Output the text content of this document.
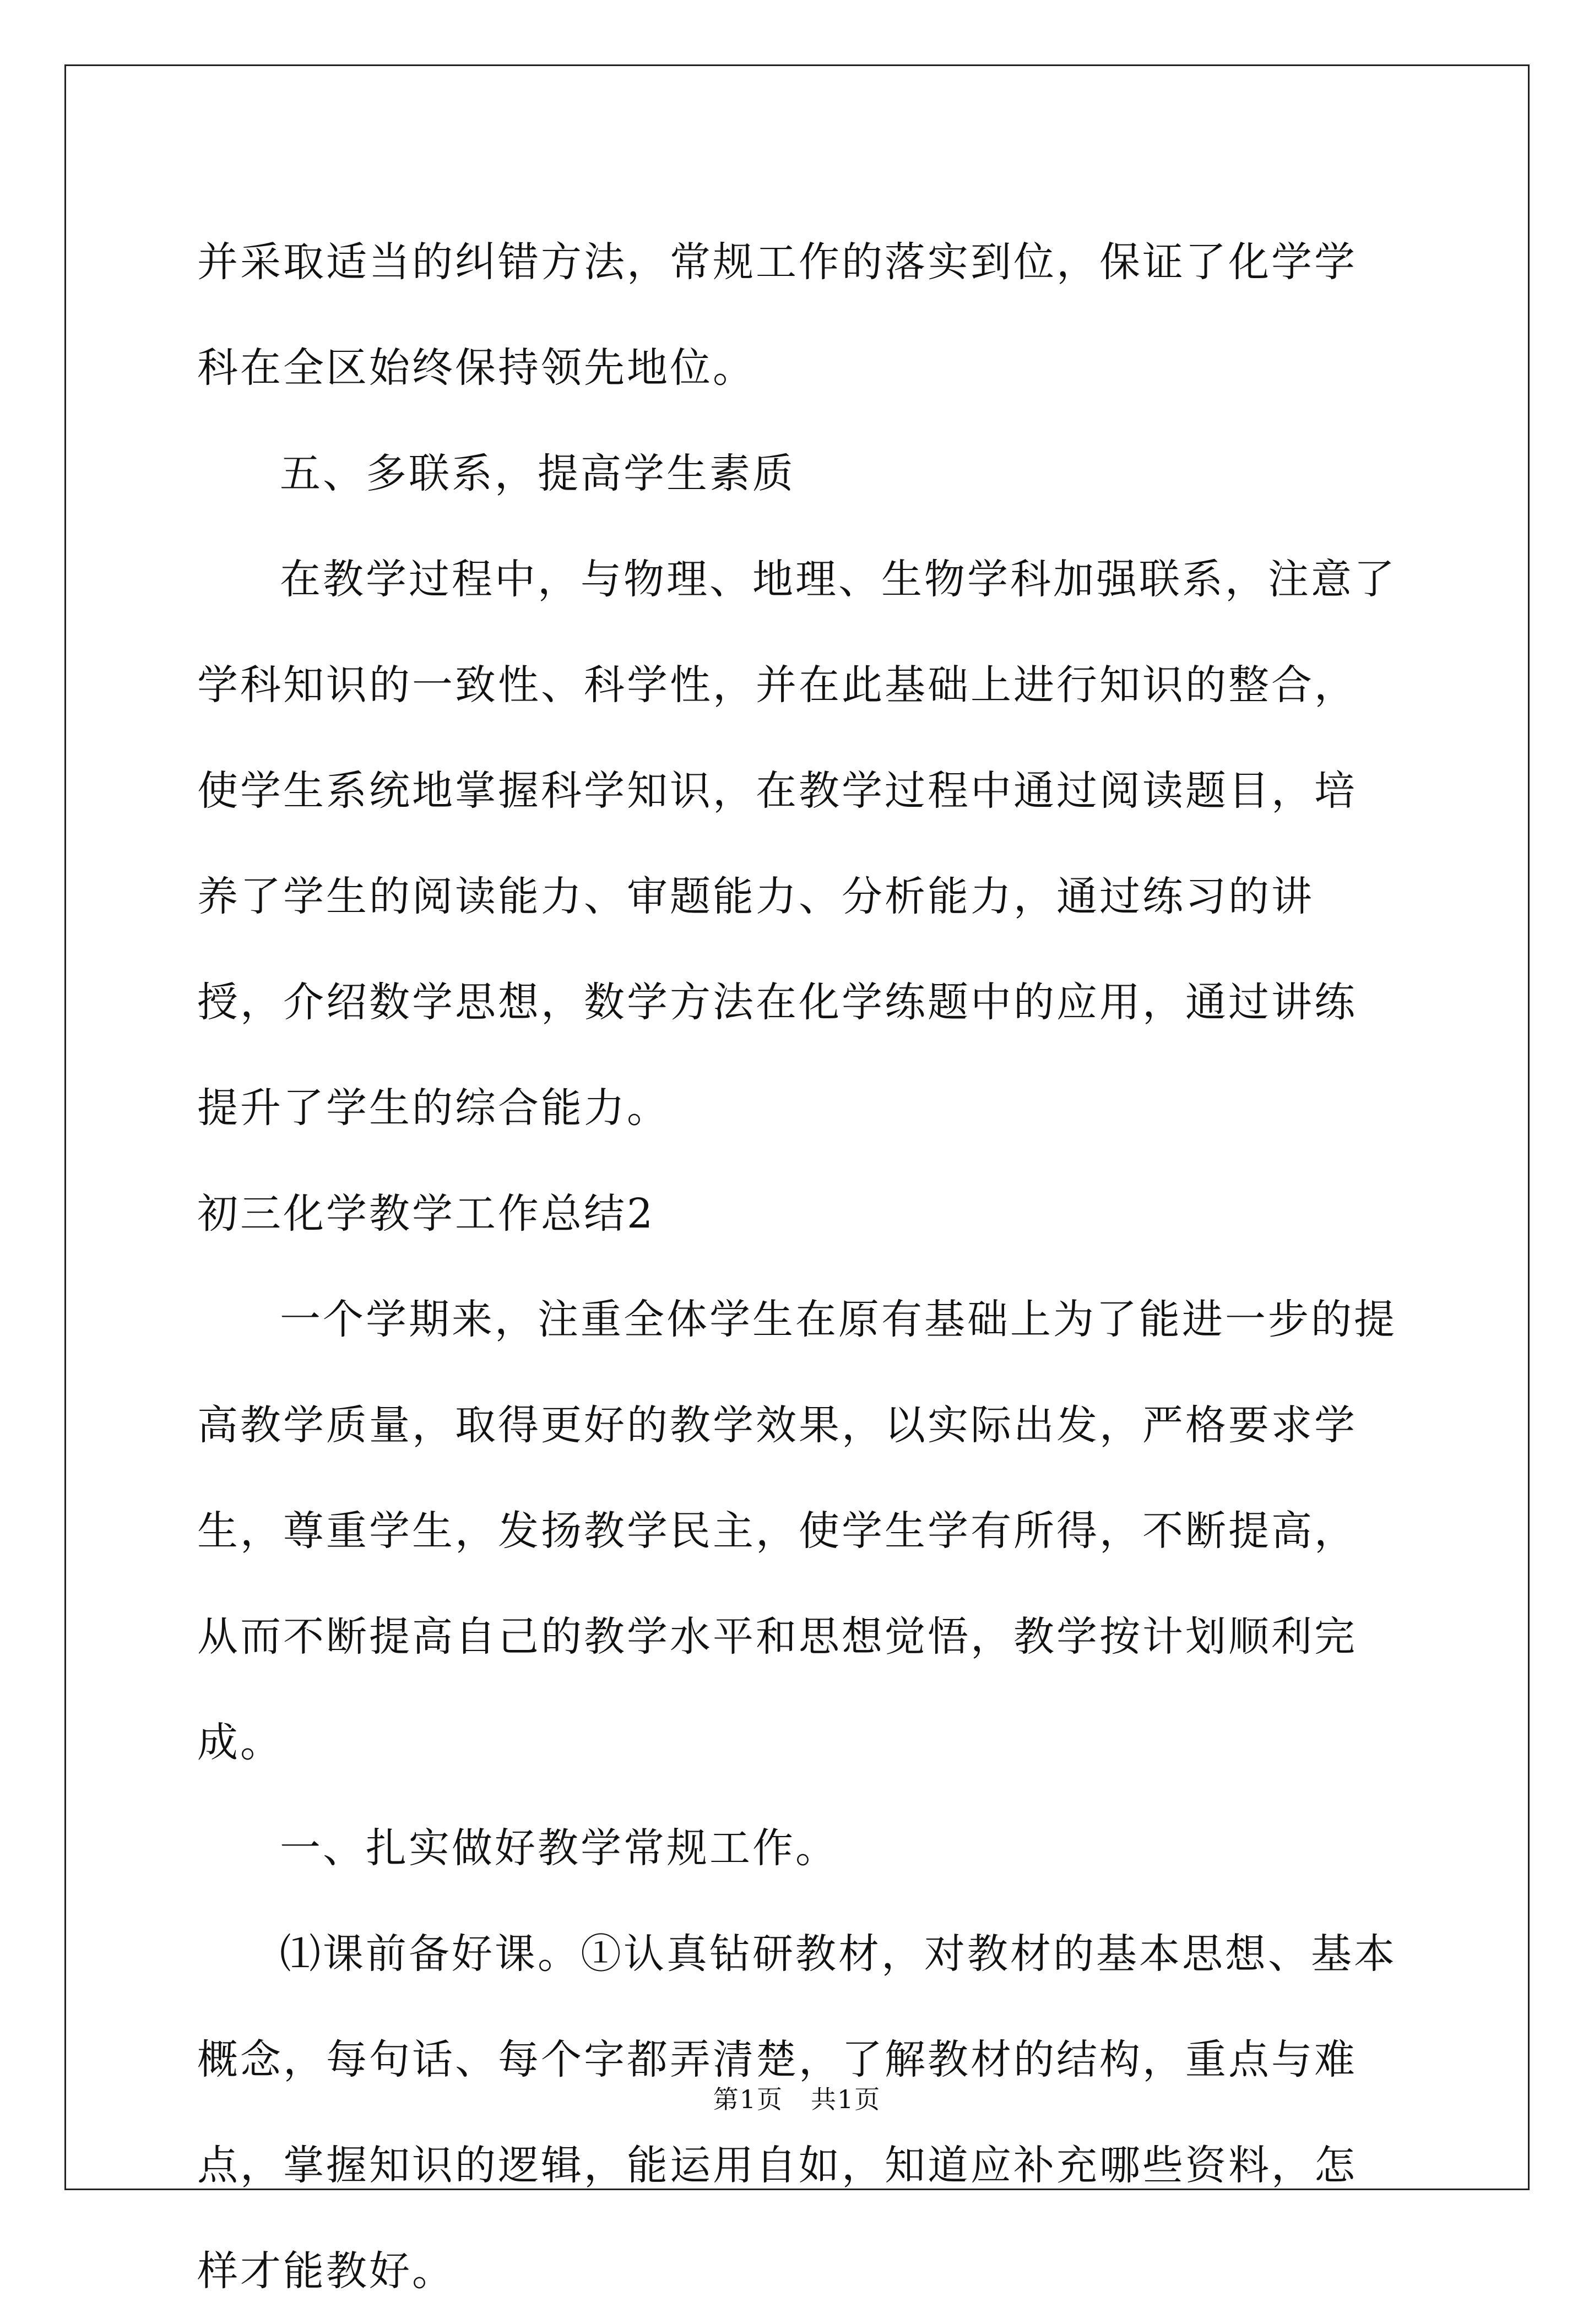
并采取适当的纠错方法，常规工作的落实到位，保证了化学学科在全区始终保持领先地位。

五、多联系，提高学生素质

在教学过程中，与物理、地理、生物学科加强联系，注意了学科知识的一致性、科学性，并在此基础上进行知识的整合，使学生系统地掌握科学知识，在教学过程中通过阅读题目，培养了学生的阅读能力、审题能力、分析能力，通过练习的讲授，介绍数学思想，数学方法在化学练题中的应用，通过讲练提升了学生的综合能力。

初三化学教学工作总结2

一个学期来，注重全体学生在原有基础上为了能进一步的提高教学质量，取得更好的教学效果，以实际出发，严格要求学生，尊重学生，发扬教学民主，使学生学有所得，不断提高，从而不断提高自己的教学水平和思想觉悟，教学按计划顺利完成。

一、扎实做好教学常规工作。

⑴课前备好课。①认真钻研教材，对教材的基本思想、基本概念，每句话、每个字都弄清楚，了解教材的结构，重点与难点，掌握知识的逻辑，能运用自如，知道应补充哪些资料，怎样才能教好。

第1页 共1页
